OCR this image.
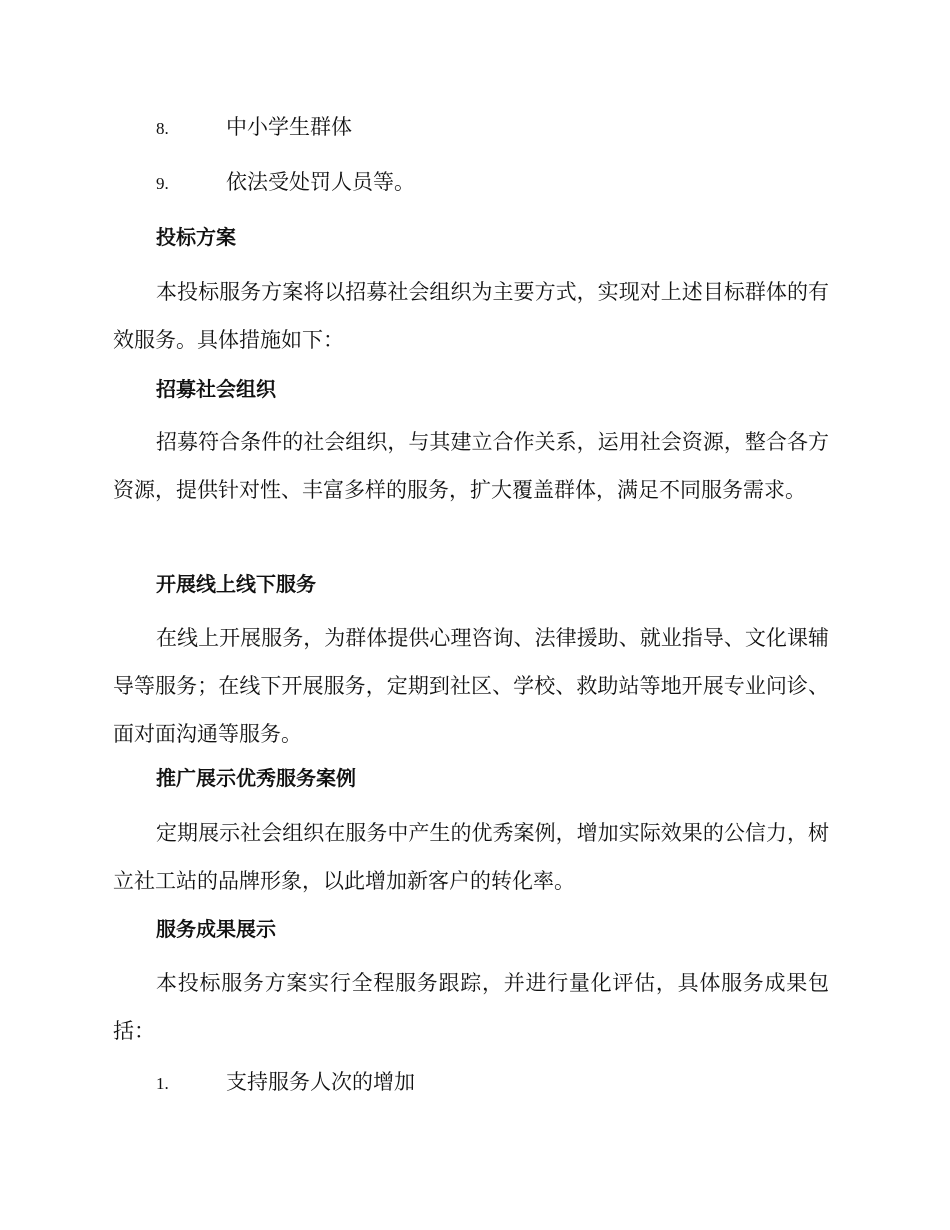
8.	中小学生群体
9.	依法受处罚人员等。
投标方案
本投标服务方案将以招募社会组织为主要方式，实现对上述目标群体的有效服务。具体措施如下：
招募社会组织
招募符合条件的社会组织，与其建立合作关系，运用社会资源，整合各方资源，提供针对性、丰富多样的服务，扩大覆盖群体，满足不同服务需求。
开展线上线下服务
在线上开展服务，为群体提供心理咨询、法律援助、就业指导、文化课辅导等服务；在线下开展服务，定期到社区、学校、救助站等地开展专业问诊、面对面沟通等服务。
推广展示优秀服务案例
定期展示社会组织在服务中产生的优秀案例，增加实际效果的公信力，树立社工站的品牌形象，以此增加新客户的转化率。
服务成果展示
本投标服务方案实行全程服务跟踪，并进行量化评估，具体服务成果包括：
1.	支持服务人次的增加
